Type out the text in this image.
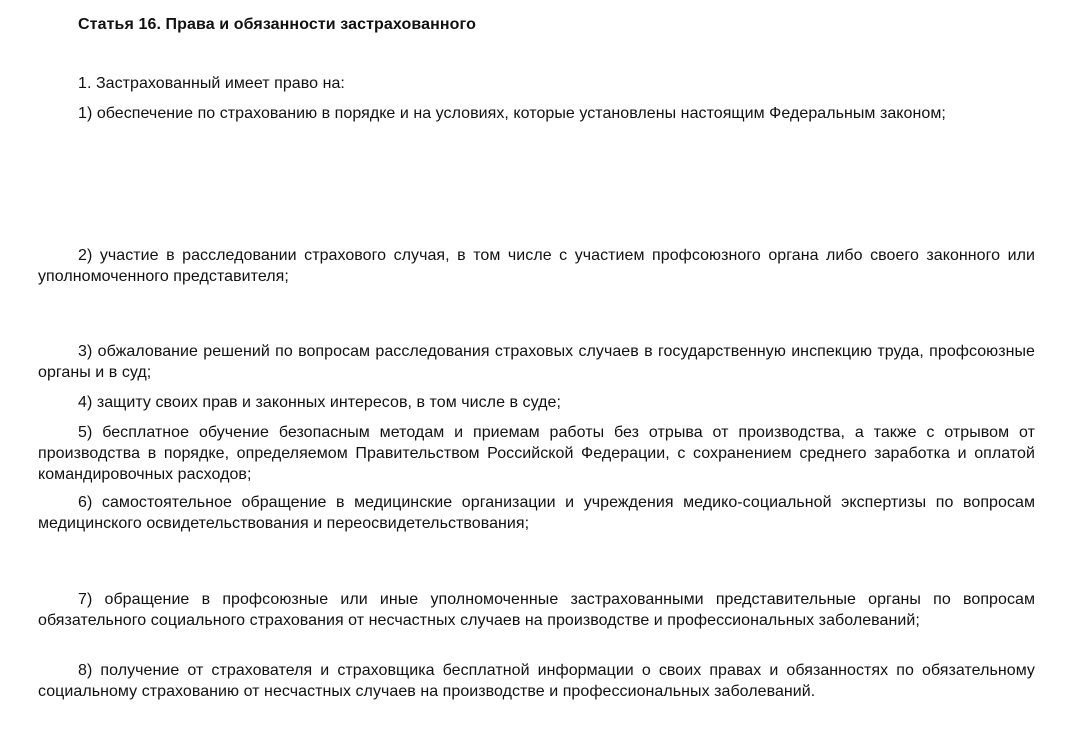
Статья 16. Права и обязанности застрахованного
1. Застрахованный имеет право на:
1) обеспечение по страхованию в порядке и на условиях, которые установлены настоящим Федеральным законом;
2) участие в расследовании страхового случая, в том числе с участием профсоюзного органа либо своего законного или уполномоченного представителя;
3) обжалование решений по вопросам расследования страховых случаев в государственную инспекцию труда, профсоюзные органы и в суд;
4) защиту своих прав и законных интересов, в том числе в суде;
5) бесплатное обучение безопасным методам и приемам работы без отрыва от производства, а также с отрывом от производства в порядке, определяемом Правительством Российской Федерации, с сохранением среднего заработка и оплатой командировочных расходов;
6) самостоятельное обращение в медицинские организации и учреждения медико-социальной экспертизы по вопросам медицинского освидетельствования и переосвидетельствования;
7) обращение в профсоюзные или иные уполномоченные застрахованными представительные органы по вопросам обязательного социального страхования от несчастных случаев на производстве и профессиональных заболеваний;
8) получение от страхователя и страховщика бесплатной информации о своих правах и обязанностях по обязательному социальному страхованию от несчастных случаев на производстве и профессиональных заболеваний.
